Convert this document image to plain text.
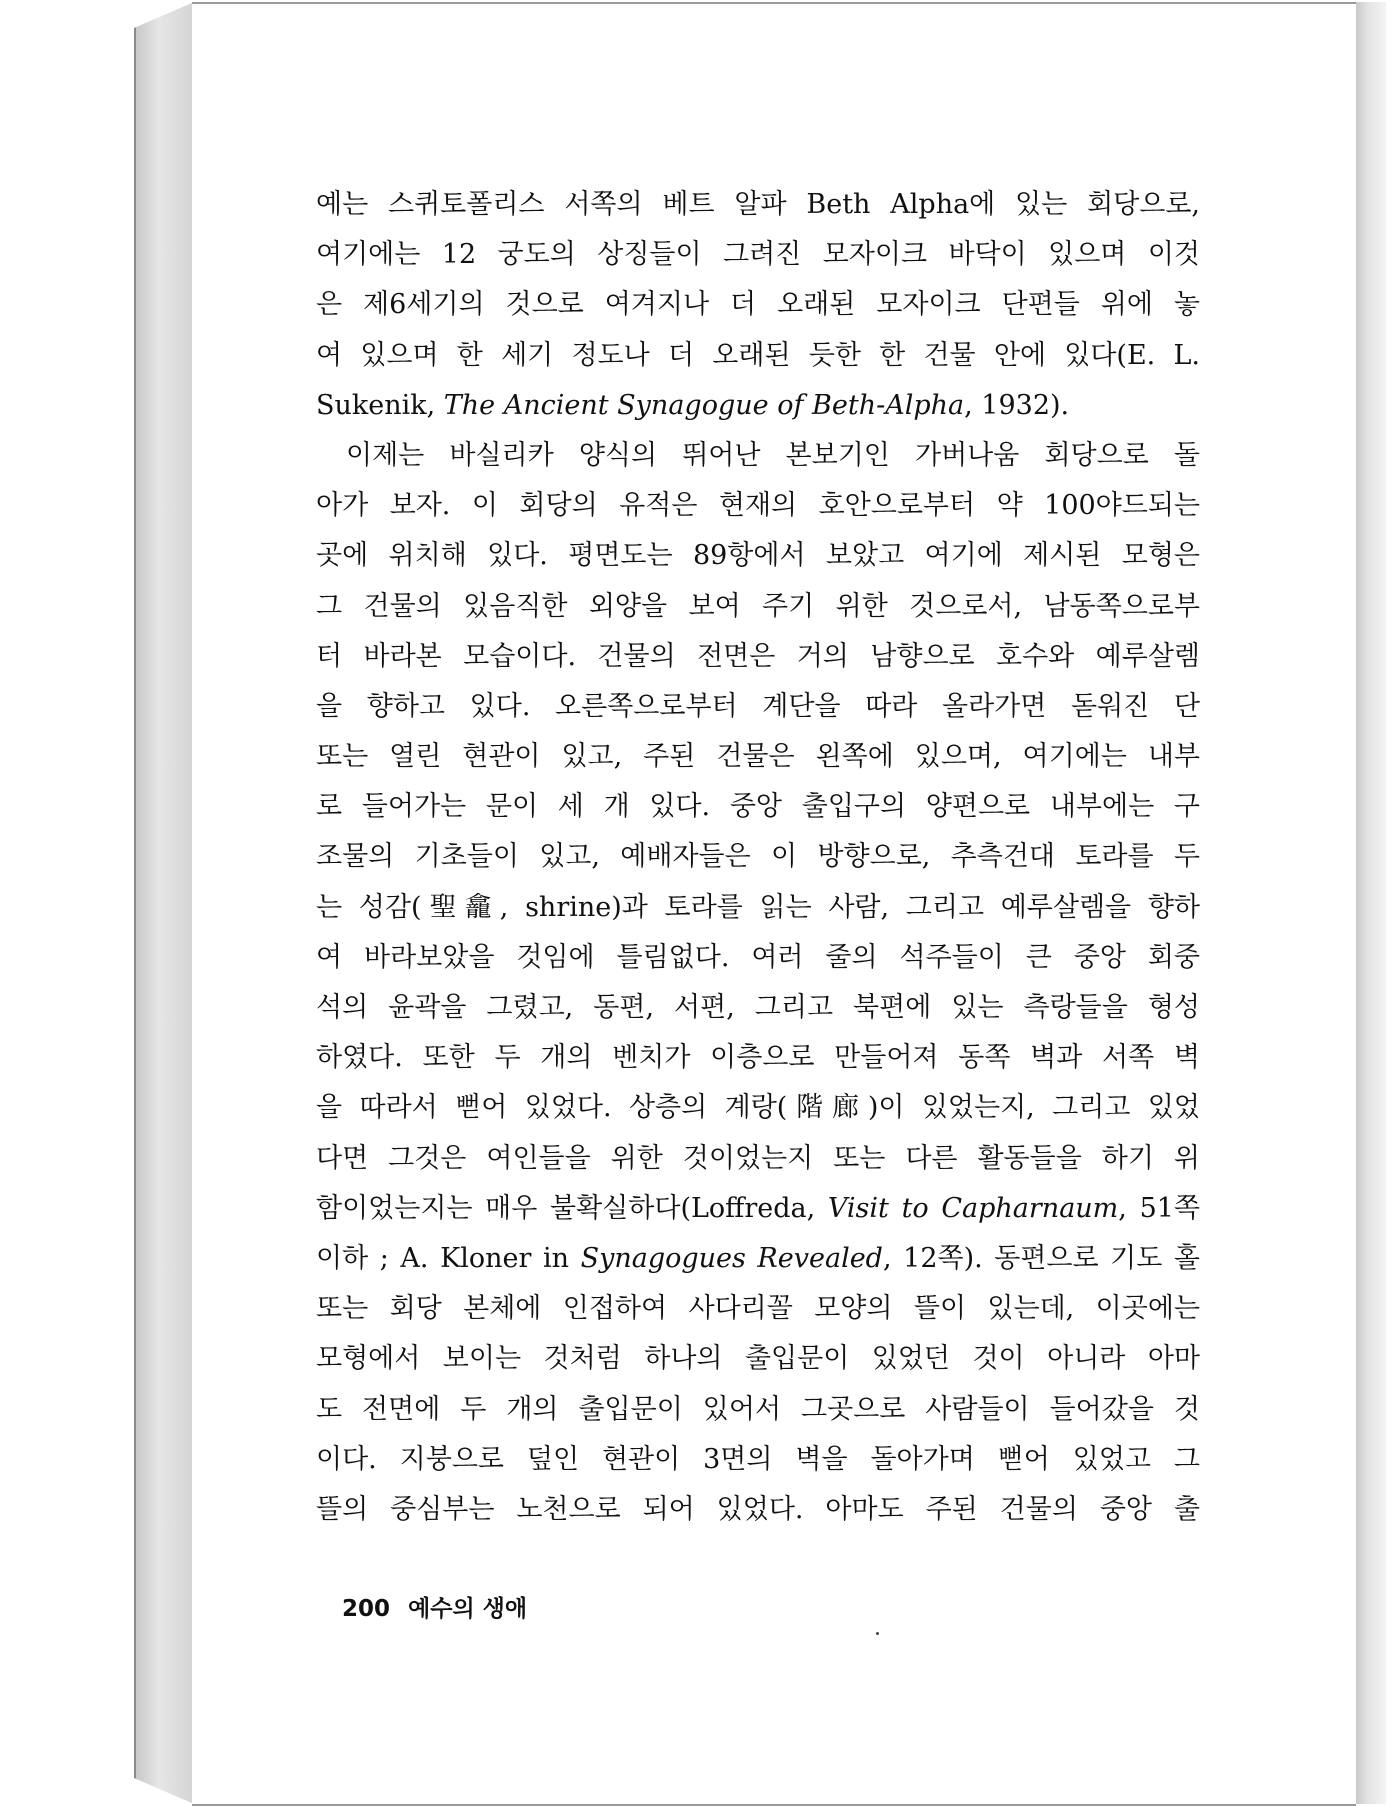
예는 스퀴토폴리스 서쪽의 베트 알파 Beth Alpha에 있는 회당으로,
여기에는 12 궁도의 상징들이 그려진 모자이크 바닥이 있으며 이것
은 제6세기의 것으로 여겨지나 더 오래된 모자이크 단편들 위에 놓
여 있으며 한 세기 정도나 더 오래된 듯한 한 건물 안에 있다(E. L.
Sukenik, The Ancient Synagogue of Beth-Alpha, 1932).
이제는 바실리카 양식의 뛰어난 본보기인 가버나움 회당으로 돌
아가 보자. 이 회당의 유적은 현재의 호안으로부터 약 100야드되는
곳에 위치해 있다. 평면도는 89항에서 보았고 여기에 제시된 모형은
그 건물의 있음직한 외양을 보여 주기 위한 것으로서, 남동쪽으로부
터 바라본 모습이다. 건물의 전면은 거의 남향으로 호수와 예루살렘
을 향하고 있다. 오른쪽으로부터 계단을 따라 올라가면 돋워진 단
또는 열린 현관이 있고, 주된 건물은 왼쪽에 있으며, 여기에는 내부
로 들어가는 문이 세 개 있다. 중앙 출입구의 양편으로 내부에는 구
조물의 기초들이 있고, 예배자들은 이 방향으로, 추측건대 토라를 두
는 성감(聖龕, shrine)과 토라를 읽는 사람, 그리고 예루살렘을 향하
여 바라보았을 것임에 틀림없다. 여러 줄의 석주들이 큰 중앙 회중
석의 윤곽을 그렸고, 동편, 서편, 그리고 북편에 있는 측랑들을 형성
하였다. 또한 두 개의 벤치가 이층으로 만들어져 동쪽 벽과 서쪽 벽
을 따라서 뻗어 있었다. 상층의 계랑(階廊)이 있었는지, 그리고 있었
다면 그것은 여인들을 위한 것이었는지 또는 다른 활동들을 하기 위
함이었는지는 매우 불확실하다(Loffreda, Visit to Capharnaum, 51쪽
이하 ; A. Kloner in Synagogues Revealed, 12쪽). 동편으로 기도 홀
또는 회당 본체에 인접하여 사다리꼴 모양의 뜰이 있는데, 이곳에는
모형에서 보이는 것처럼 하나의 출입문이 있었던 것이 아니라 아마
도 전면에 두 개의 출입문이 있어서 그곳으로 사람들이 들어갔을 것
이다. 지붕으로 덮인 현관이 3면의 벽을 돌아가며 뻗어 있었고 그
뜰의 중심부는 노천으로 되어 있었다. 아마도 주된 건물의 중앙 출
200 예수의 생애
